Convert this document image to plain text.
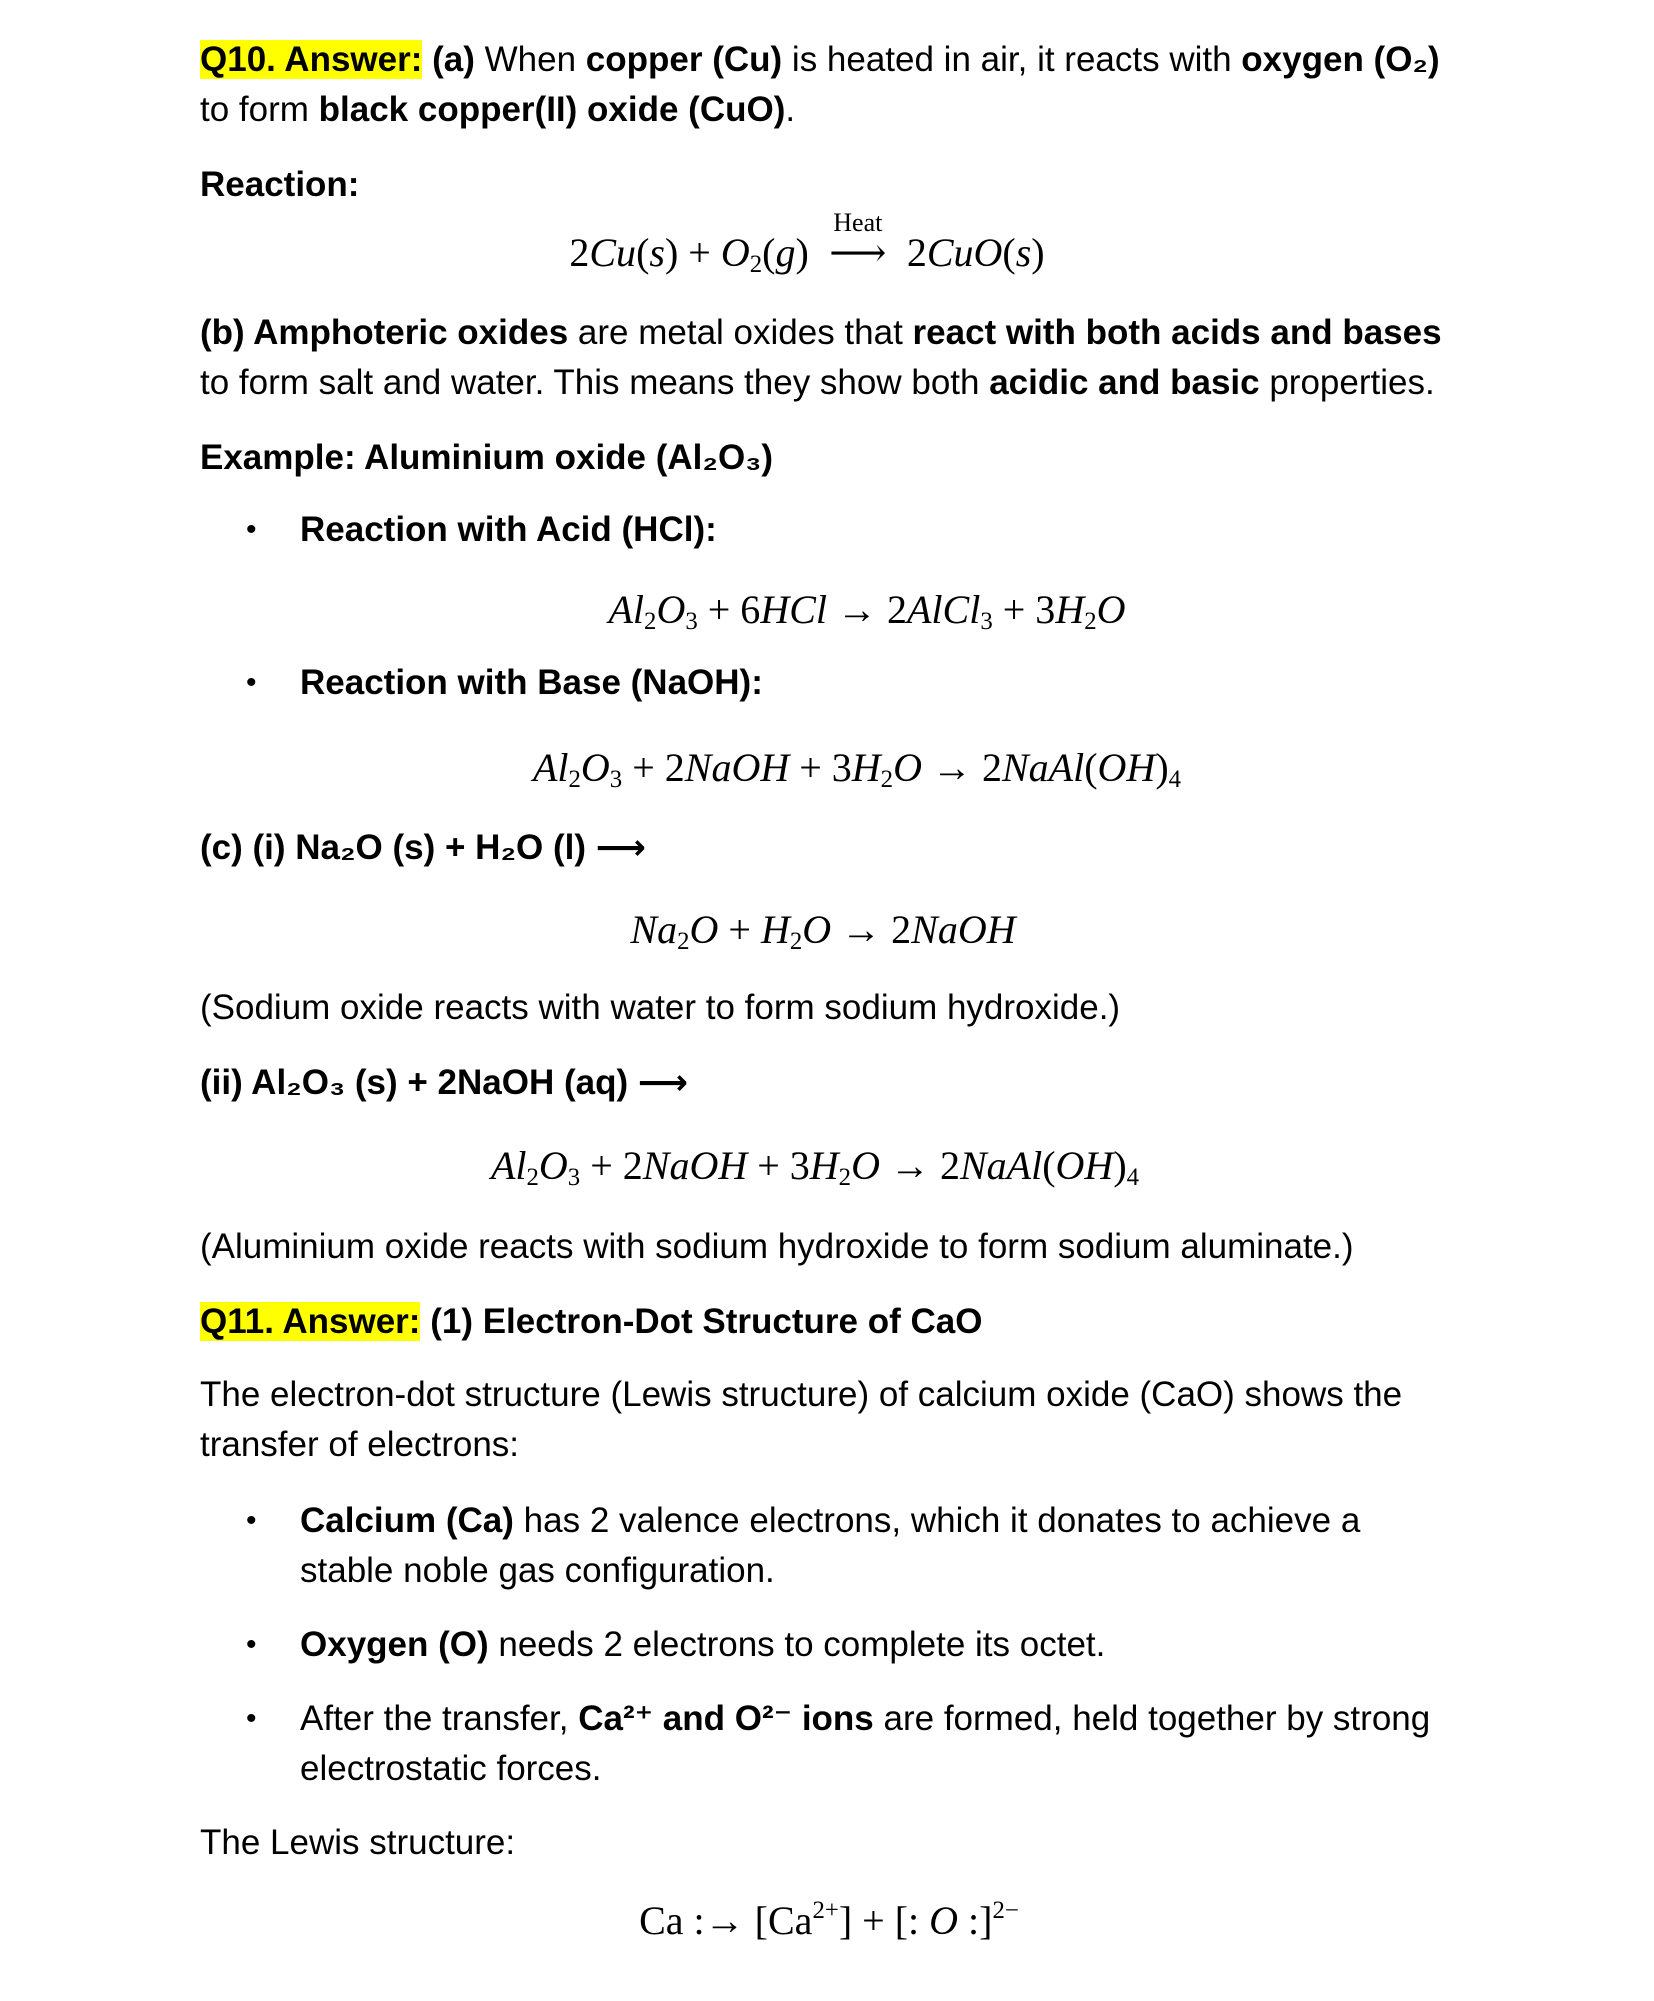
Q10. Answer: (a) When copper (Cu) is heated in air, it reacts with oxygen (O₂)
to form black copper(II) oxide (CuO).
Reaction:
$2Cu(s) + O_2(g)$
Heat
⟶ 2CuO(s)
(b) Amphoteric oxides are metal oxides that react with both acids and bases
to form salt and water. This means they show both acidic and basic properties.
Example: Aluminium oxide (Al₂O₃)
• Reaction with Acid (HCl):
$Al_2O_3 + 6HCl$ → 2AlCl$_3$ + $3H_2O$
• Reaction with Base (NaOH):
$Al_2O_3$ + 2NaOH + $3H_2O$ → $2NaAl(OH)_4$
(c) (i) Na₂O (s) + H₂O (l) ⟶
$Na_2O + H_2O$ → 2NaOH
(Sodium oxide reacts with water to form sodium hydroxide.)
(ii) Al₂O₃ (s) + 2NaOH (aq) ⟶
$Al_2O_3$ + 2NaOH + $3H_2O$ → $2NaAl(OH)_4$
(Aluminium oxide reacts with sodium hydroxide to form sodium aluminate.)
Q11. Answer: (1) Electron-Dot Structure of CaO
The electron-dot structure (Lewis structure) of calcium oxide (CaO) shows the
transfer of electrons:
• Calcium (Ca) has 2 valence electrons, which it donates to achieve a
stable noble gas configuration.
• Oxygen (O) needs 2 electrons to complete its octet.
• After the transfer, Ca²⁺ and O²⁻ ions are formed, held together by strong
electrostatic forces.
The Lewis structure:
Ca :→ $[Ca^{2+}]$ + [: O :]$^{2-}$
